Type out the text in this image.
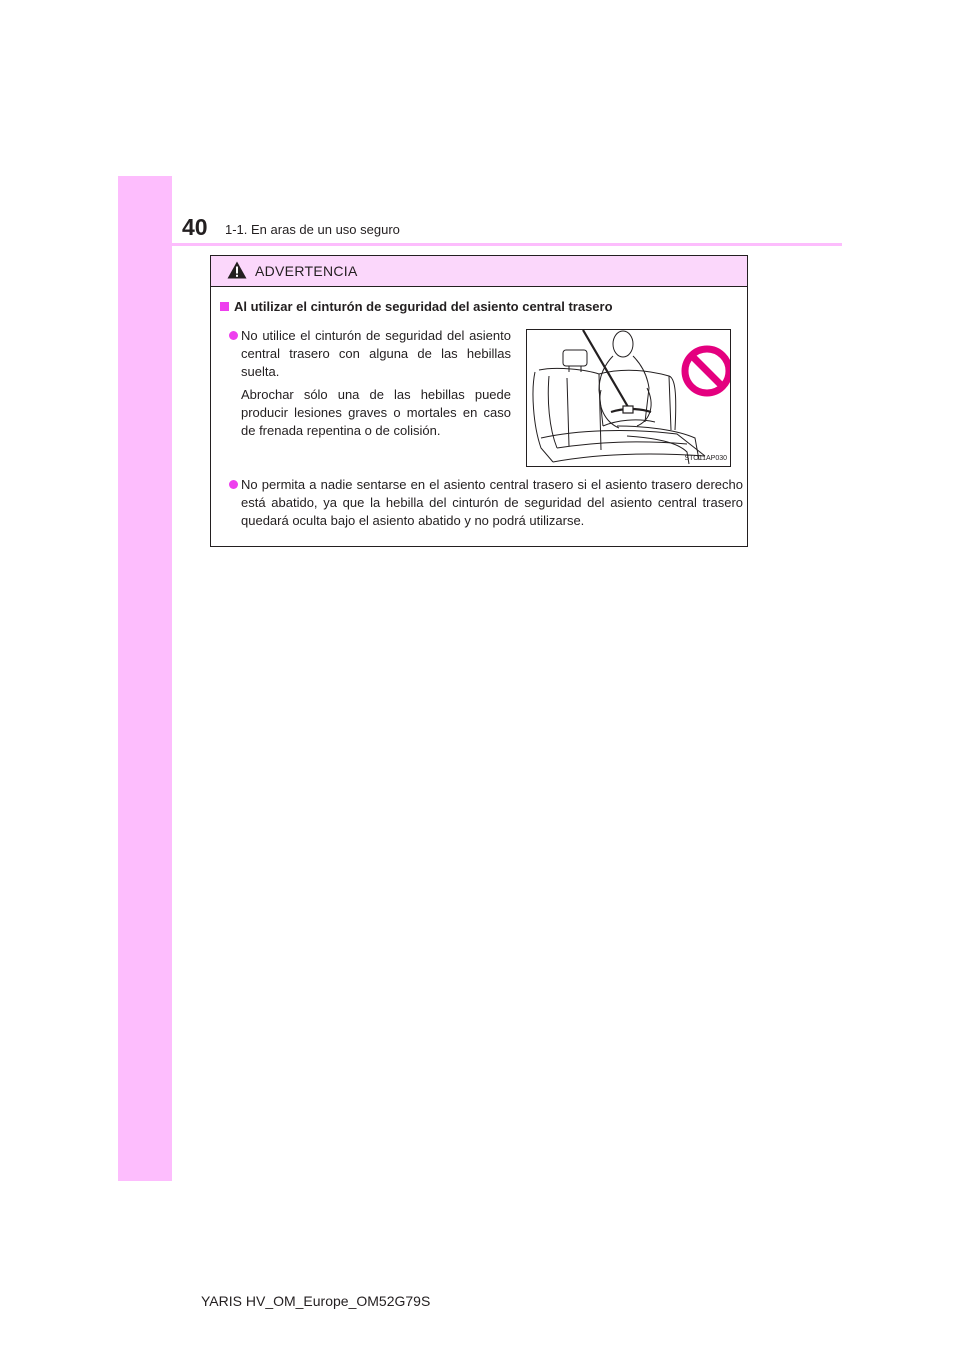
40 1-1. En aras de un uso seguro
ADVERTENCIA
Al utilizar el cinturón de seguridad del asiento central trasero
No utilice el cinturón de seguridad del asiento central trasero con alguna de las hebillas suelta.
Abrochar sólo una de las hebillas puede producir lesiones graves o mortales en caso de frenada repentina o de colisión.
STO11AP030
No permita a nadie sentarse en el asiento central trasero si el asiento trasero derecho está abatido, ya que la hebilla del cinturón de seguridad del asiento central trasero quedará oculta bajo el asiento abatido y no podrá utilizarse.
YARIS HV_OM_Europe_OM52G79S
